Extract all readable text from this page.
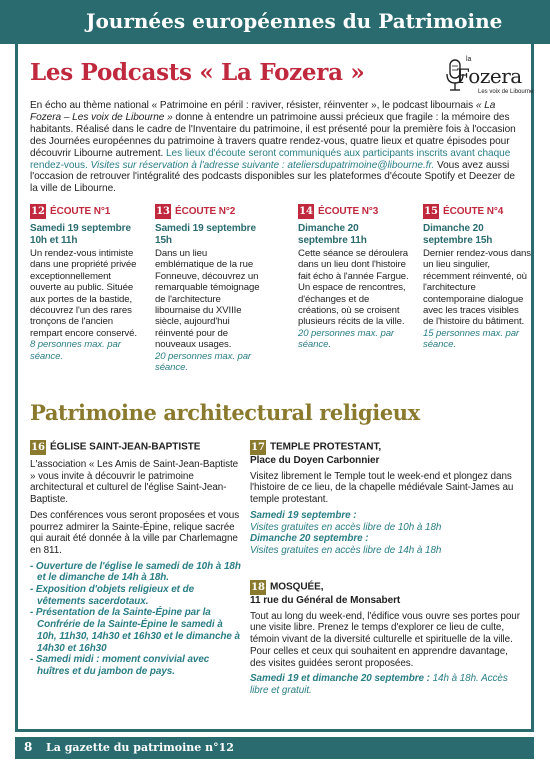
Journées européennes du Patrimoine
Les Podcasts « La Fozera »	la
Fozera
Les voix de Libourne
En écho au thème national « Patrimoine en péril : raviver, résister, réinventer », le podcast libournais « La Fozera – Les voix de Libourne » donne à entendre un patrimoine aussi précieux que fragile : la mémoire des habitants. Réalisé dans le cadre de l'Inventaire du patrimoine, il est présenté pour la première fois à l'occasion des Journées européennes du patrimoine à travers quatre rendez-vous, quatre lieux et quatre épisodes pour découvrir Libourne autrement. Les lieux d'écoute seront communiqués aux participants inscrits avant chaque rendez-vous. Visites sur réservation à l'adresse suivante : ateliersdupatrimoine@libourne.fr. Vous avez aussi l'occasion de retrouver l'intégralité des podcasts disponibles sur les plateformes d'écoute Spotify et Deezer de la ville de Libourne.
12 ÉCOUTE N°1
Samedi 19 septembre 10h et 11h
Un rendez-vous intimiste dans une propriété privée exceptionnellement ouverte au public. Située aux portes de la bastide, découvrez l'un des rares tronçons de l'ancien rempart encore conservé.
8 personnes max. par séance.
13 ÉCOUTE N°2
Samedi 19 septembre 15h
Dans un lieu emblématique de la rue Fonneuve, découvrez un remarquable témoignage de l'architecture libournaise du XVIIIe siècle, aujourd'hui réinventé pour de nouveaux usages.
20 personnes max. par séance.
14 ÉCOUTE N°3
Dimanche 20 septembre 11h
Cette séance se déroulera dans un lieu dont l'histoire fait écho à l'année Fargue. Un espace de rencontres, d'échanges et de créations, où se croisent plusieurs récits de la ville.
20 personnes max. par séance.
15 ÉCOUTE N°4
Dimanche 20 septembre 15h
Dernier rendez-vous dans un lieu singulier, récemment réinventé, où l'architecture contemporaine dialogue avec les traces visibles de l'histoire du bâtiment.
15 personnes max. par séance.
Patrimoine architectural religieux
16 ÉGLISE SAINT-JEAN-BAPTISTE

L'association « Les Amis de Saint-Jean-Baptiste » vous invite à découvrir le patrimoine architectural et culturel de l'église Saint-Jean-Baptiste.

Des conférences vous seront proposées et vous pourrez admirer la Sainte-Épine, relique sacrée qui aurait été donnée à la ville par Charlemagne en 811.

- Ouverture de l'église le samedi de 10h à 18h et le dimanche de 14h à 18h.
- Exposition d'objets religieux et de vêtements sacerdotaux.
- Présentation de la Sainte-Épine par la Confrérie de la Sainte-Épine le samedi à 10h, 11h30, 14h30 et 16h30 et le dimanche à 14h30 et 16h30
- Samedi midi : moment convivial avec huîtres et du jambon de pays.
17 TEMPLE PROTESTANT,
Place du Doyen Carbonnier

Visitez librement le Temple tout le week-end et plongez dans l'histoire de ce lieu, de la chapelle médiévale Saint-James au temple protestant.

Samedi 19 septembre :
Visites gratuites en accès libre de 10h à 18h
Dimanche 20 septembre :
Visites gratuites en accès libre de 14h à 18h

18 MOSQUÉE,
11 rue du Général de Monsabert

Tout au long du week-end, l'édifice vous ouvre ses portes pour une visite libre. Prenez le temps d'explorer ce lieu de culte, témoin vivant de la diversité culturelle et spirituelle de la ville. Pour celles et ceux qui souhaitent en apprendre davantage, des visites guidées seront proposées.

Samedi 19 et dimanche 20 septembre : 14h à 18h. Accès libre et gratuit.

8 La gazette du patrimoine n°12
